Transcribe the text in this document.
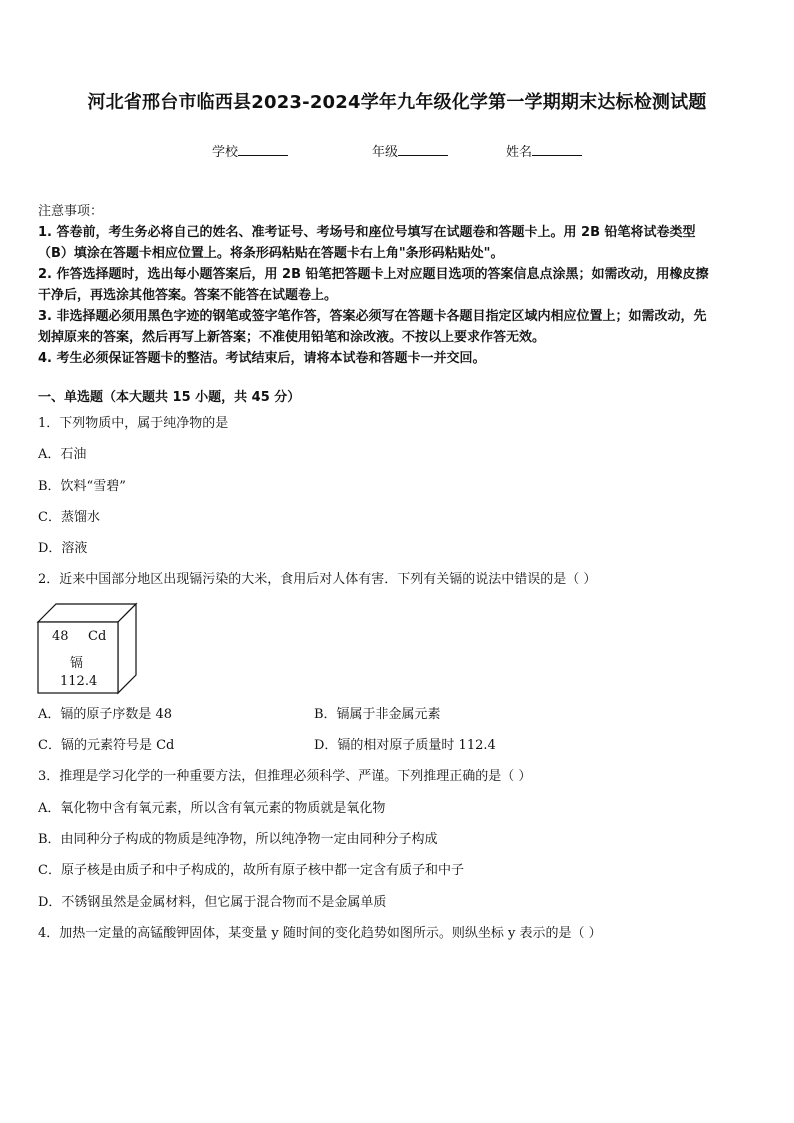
河北省邢台市临西县2023-2024学年九年级化学第一学期期末达标检测试题
学校	年级	姓名
注意事项：
1. 答卷前，考生务必将自己的姓名、准考证号、考场号和座位号填写在试题卷和答题卡上。用 2B 铅笔将试卷类型
（B）填涂在答题卡相应位置上。将条形码粘贴在答题卡右上角"条形码粘贴处"。
2. 作答选择题时，选出每小题答案后，用 2B 铅笔把答题卡上对应题目选项的答案信息点涂黑；如需改动，用橡皮擦
干净后，再选涂其他答案。答案不能答在试题卷上。
3. 非选择题必须用黑色字迹的钢笔或签字笔作答，答案必须写在答题卡各题目指定区域内相应位置上；如需改动，先
划掉原来的答案，然后再写上新答案；不准使用铅笔和涂改液。不按以上要求作答无效。
4. 考生必须保证答题卡的整洁。考试结束后，请将本试卷和答题卡一并交回。
一、单选题（本大题共 15 小题，共 45 分）
1．下列物质中，属于纯净物的是
A．石油
B．饮料“雪碧”
C．蒸馏水
D．溶液
2．近来中国部分地区出现镉污染的大米，食用后对人体有害．下列有关镉的说法中错误的是（ ）
48 Cd
镉
112.4
A．镉的原子序数是 48	B．镉属于非金属元素
C．镉的元素符号是 Cd	D．镉的相对原子质量时 112.4
3．推理是学习化学的一种重要方法，但推理必须科学、严谨。下列推理正确的是（ ）
A．氧化物中含有氧元素，所以含有氧元素的物质就是氧化物
B．由同种分子构成的物质是纯净物，所以纯净物一定由同种分子构成
C．原子核是由质子和中子构成的，故所有原子核中都一定含有质子和中子
D．不锈钢虽然是金属材料，但它属于混合物而不是金属单质
4．加热一定量的高锰酸钾固体，某变量 y 随时间的变化趋势如图所示。则纵坐标 y 表示的是（ ）
